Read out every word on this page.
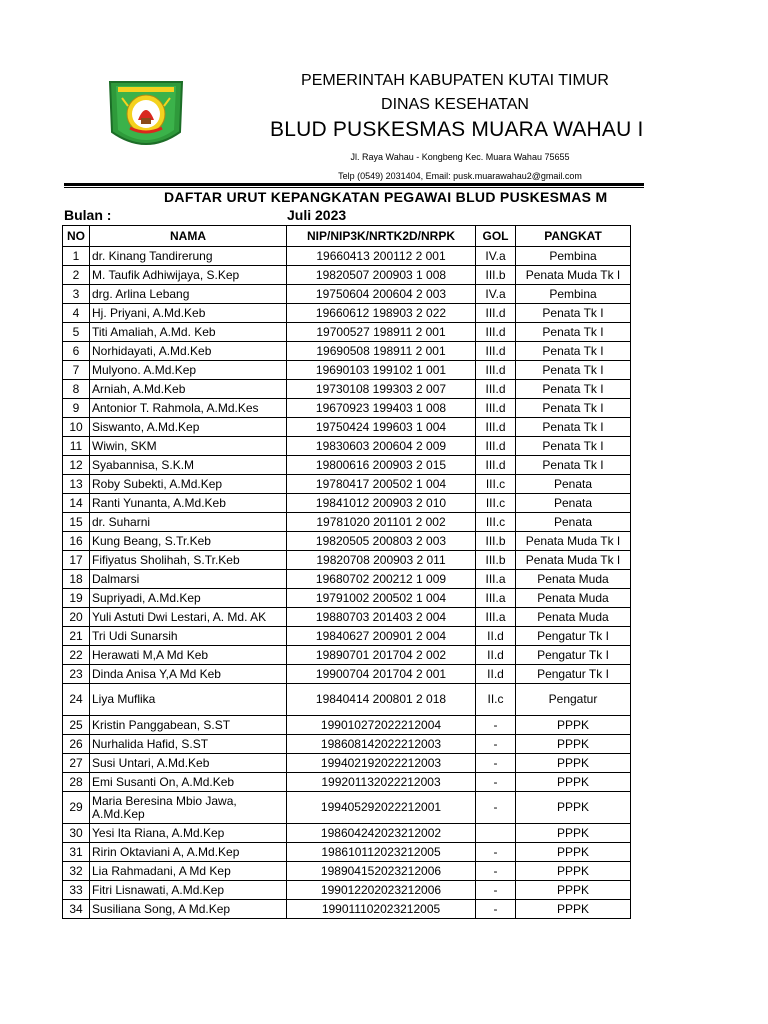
PEMERINTAH KABUPATEN KUTAI TIMUR
DINAS KESEHATAN
BLUD PUSKESMAS MUARA WAHAU I
Jl. Raya Wahau - Kongbeng Kec. Muara Wahau 75655
Telp (0549) 2031404, Email: pusk.muarawahau2@gmail.com
DAFTAR URUT KEPANGKATAN PEGAWAI BLUD PUSKESMAS M
Bulan :	Juli 2023
NO	NAMA	NIP/NIP3K/NRTK2D/NRPK	GOL	PANGKAT
1	dr. Kinang Tandirerung	19660413 200112 2 001	IV.a	Pembina
2	M. Taufik Adhiwijaya, S.Kep	19820507 200903 1 008	III.b	Penata Muda Tk I
3	drg. Arlina Lebang	19750604 200604 2 003	IV.a	Pembina
4	Hj. Priyani, A.Md.Keb	19660612 198903 2 022	III.d	Penata Tk I
5	Titi Amaliah, A.Md. Keb	19700527 198911 2 001	III.d	Penata Tk I
6	Norhidayati, A.Md.Keb	19690508 198911 2 001	III.d	Penata Tk I
7	Mulyono. A.Md.Kep	19690103 199102 1 001	III.d	Penata Tk I
8	Arniah, A.Md.Keb	19730108 199303 2 007	III.d	Penata Tk I
9	Antonior T. Rahmola, A.Md.Kes	19670923 199403 1 008	III.d	Penata Tk I
10	Siswanto, A.Md.Kep	19750424 199603 1 004	III.d	Penata Tk I
11	Wiwin, SKM	19830603 200604 2 009	III.d	Penata Tk I
12	Syabannisa, S.K.M	19800616 200903 2 015	III.d	Penata Tk I
13	Roby Subekti, A.Md.Kep	19780417 200502 1 004	III.c	Penata
14	Ranti Yunanta, A.Md.Keb	19841012 200903 2 010	III.c	Penata
15	dr. Suharni	19781020 201101 2 002	III.c	Penata
16	Kung Beang, S.Tr.Keb	19820505 200803 2 003	III.b	Penata Muda Tk I
17	Fifiyatus Sholihah, S.Tr.Keb	19820708 200903 2 011	III.b	Penata Muda Tk I
18	Dalmarsi	19680702 200212 1 009	III.a	Penata Muda
19	Supriyadi, A.Md.Kep	19791002 200502 1 004	III.a	Penata Muda
20	Yuli Astuti Dwi Lestari, A. Md. AK	19880703 201403 2 004	III.a	Penata Muda
21	Tri Udi Sunarsih	19840627 200901 2 004	II.d	Pengatur Tk I
22	Herawati M,A Md Keb	19890701 201704 2 002	II.d	Pengatur Tk I
23	Dinda Anisa Y,A Md Keb	19900704 201704 2 001	II.d	Pengatur Tk I
24	Liya Muflika	19840414 200801 2 018	II.c	Pengatur
25	Kristin Panggabean, S.ST	199010272022212004	-	PPPK
26	Nurhalida Hafid, S.ST	198608142022212003	-	PPPK
27	Susi Untari, A.Md.Keb	199402192022212003	-	PPPK
28	Emi Susanti On, A.Md.Keb	199201132022212003	-	PPPK
29	Maria Beresina Mbio Jawa, A.Md.Kep	199405292022212001	-	PPPK
30	Yesi Ita Riana, A.Md.Kep	198604242023212002		PPPK
31	Ririn Oktaviani A, A.Md.Kep	198610112023212005	-	PPPK
32	Lia Rahmadani, A Md Kep	198904152023212006	-	PPPK
33	Fitri Lisnawati, A.Md.Kep	199012202023212006	-	PPPK
34	Susiliana Song, A Md.Kep	199011102023212005	-	PPPK
